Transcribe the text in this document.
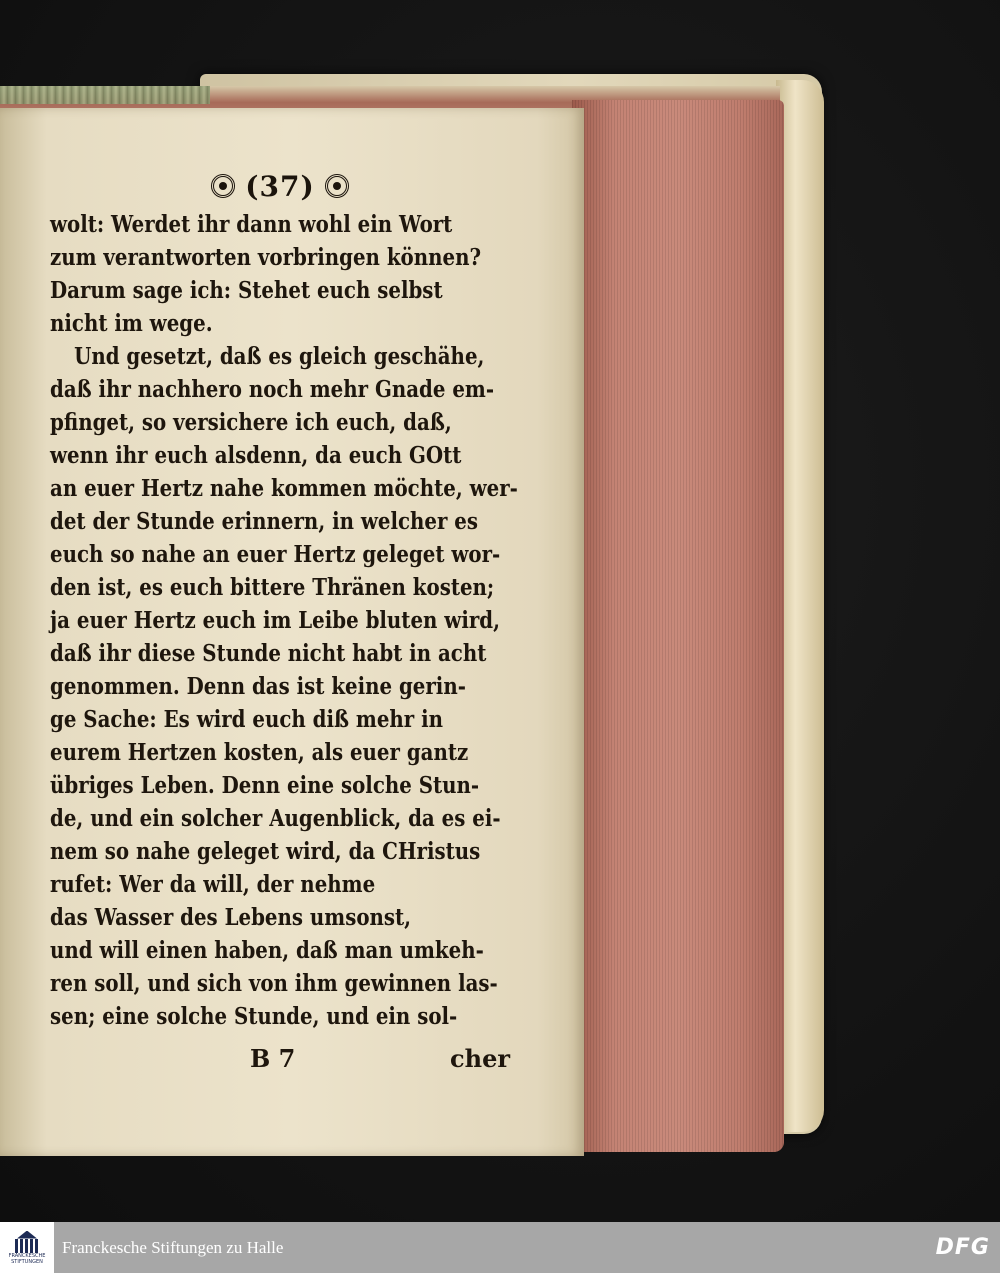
(37)
wolt: Werdet ihr dann wohl ein Wort
zum verantworten vorbringen können?
Darum sage ich: Stehet euch selbst
nicht im wege.
Und gesetzt, daß es gleich geschähe,
daß ihr nachhero noch mehr Gnade em-
pfinget, so versichere ich euch, daß,
wenn ihr euch alsdenn, da euch GOtt
an euer Hertz nahe kommen möchte, wer-
det der Stunde erinnern, in welcher es
euch so nahe an euer Hertz geleget wor-
den ist, es euch bittere Thränen kosten;
ja euer Hertz euch im Leibe bluten wird,
daß ihr diese Stunde nicht habt in acht
genommen. Denn das ist keine gerin-
ge Sache: Es wird euch diß mehr in
eurem Hertzen kosten, als euer gantz
übriges Leben. Denn eine solche Stun-
de, und ein solcher Augenblick, da es ei-
nem so nahe geleget wird, da CHristus
rufet: Wer da will, der nehme
das Wasser des Lebens umsonst,
und will einen haben, daß man umkeh-
ren soll, und sich von ihm gewinnen las-
sen; eine solche Stunde, und ein sol-
B 7	cher
FRANCKESCHE
STIFTUNGEN
Franckesche Stiftungen zu Halle	DFG
